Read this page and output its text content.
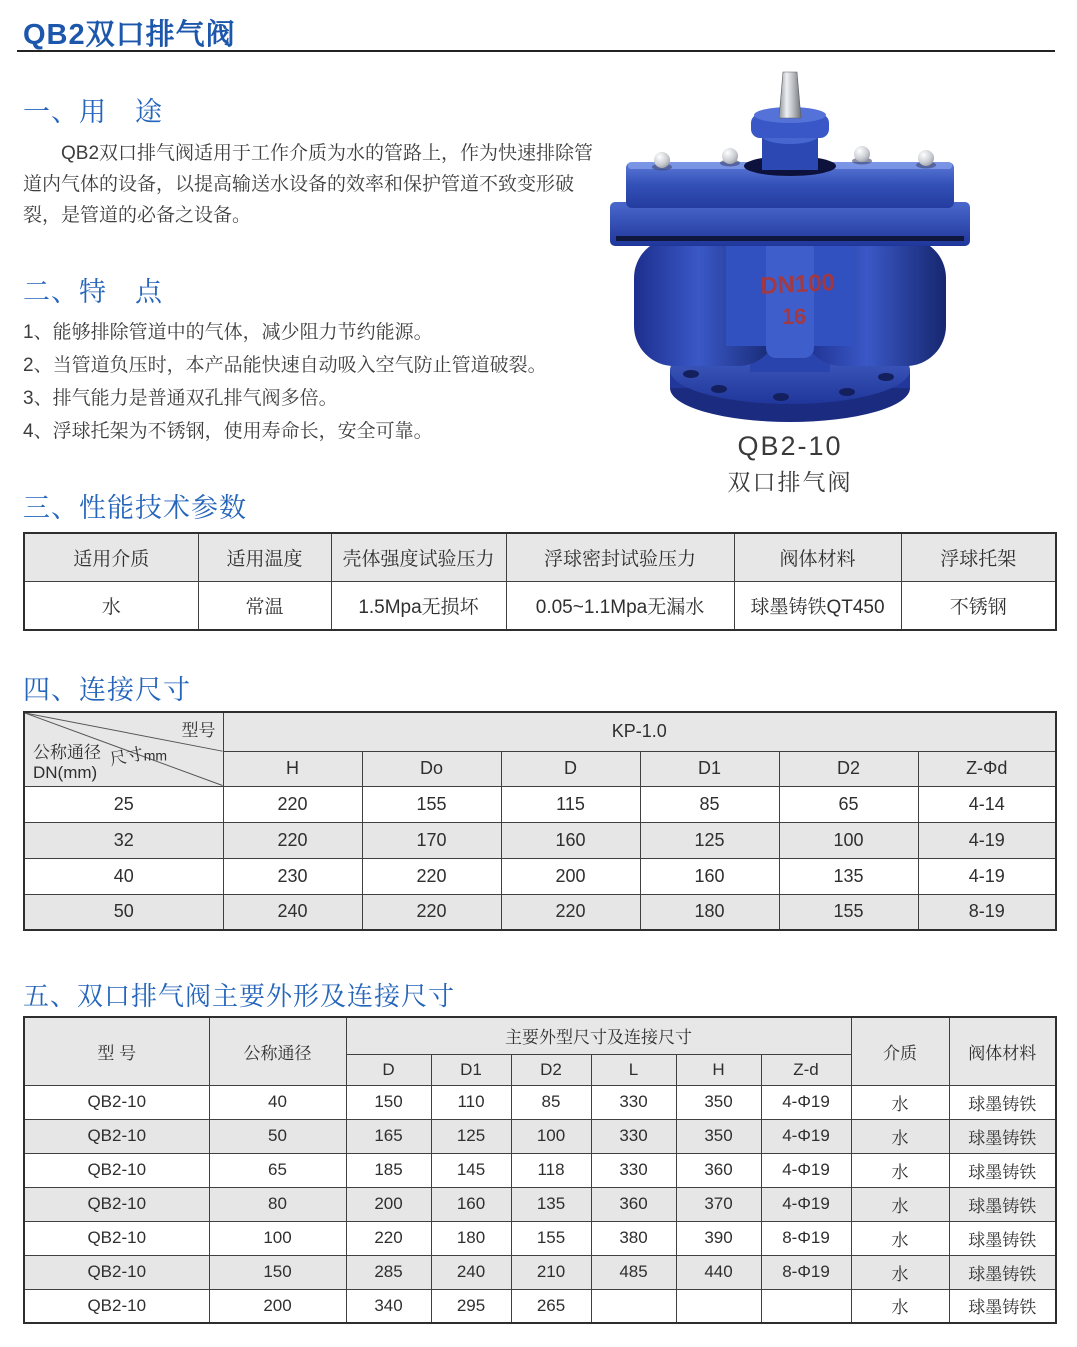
QB2双口排气阀
一、用　途
QB2双口排气阀适用于工作介质为水的管路上，作为快速排除管道内气体的设备，以提高输送水设备的效率和保护管道不致变形破裂，是管道的必备之设备。
二、特　点
1、能够排除管道中的气体，减少阻力节约能源。
2、当管道负压时，本产品能快速自动吸入空气防止管道破裂。
3、排气能力是普通双孔排气阀多倍。
4、浮球托架为不锈钢，使用寿命长，安全可靠。
DN100
16
QB2-10
双口排气阀
三、性能技术参数
适用介质	适用温度	壳体强度试验压力	浮球密封试验压力	阀体材料	浮球托架
水	常温	1.5Mpa无损坏	0.05~1.1Mpa无漏水	球墨铸铁QT450	不锈钢
四、连接尺寸
型号
尺寸mm
公称通径
DN(mm)	KP-1.0					
	H	Do	D	D1	D2	Z-Φd
25	220	155	115	85	65	4-14
32	220	170	160	125	100	4-19
40	230	220	200	160	135	4-19
50	240	220	220	180	155	8-19
五、双口排气阀主要外形及连接尺寸
型 号	公称通径	主要外型尺寸及连接尺寸						介质	阀体材料
		D	D1	D2	L	H	Z-d		
QB2-10	40	150	110	85	330	350	4-Φ19	水	球墨铸铁
QB2-10	50	165	125	100	330	350	4-Φ19	水	球墨铸铁
QB2-10	65	185	145	118	330	360	4-Φ19	水	球墨铸铁
QB2-10	80	200	160	135	360	370	4-Φ19	水	球墨铸铁
QB2-10	100	220	180	155	380	390	8-Φ19	水	球墨铸铁
QB2-10	150	285	240	210	485	440	8-Φ19	水	球墨铸铁
QB2-10	200	340	295	265				水	球墨铸铁
